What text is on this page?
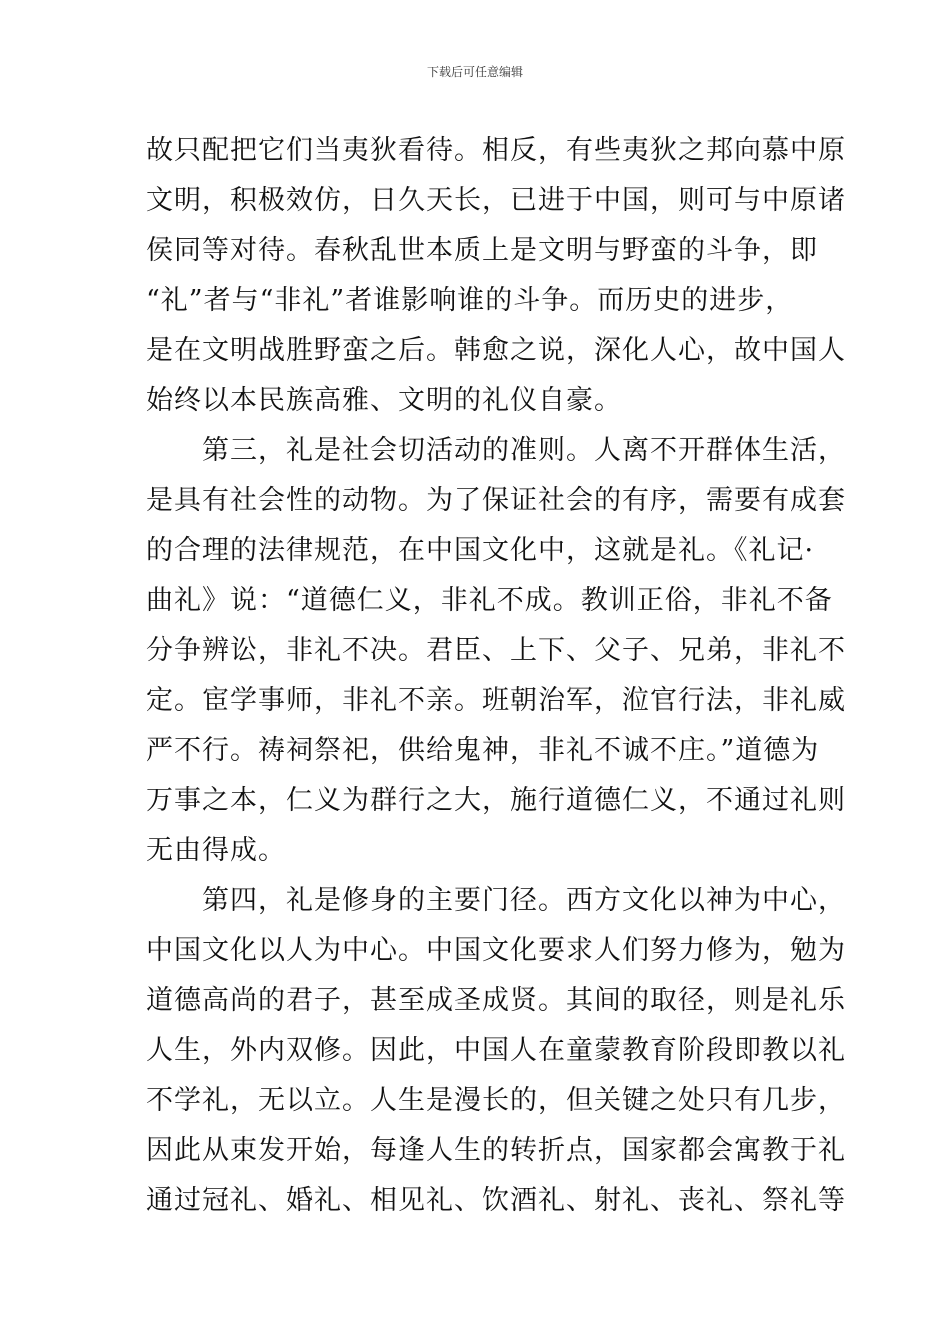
下载后可任意编辑
故只配把它们当夷狄看待。相反，有些夷狄之邦向慕中原
文明，积极效仿，日久天长，已进于中国，则可与中原诸
侯同等对待。春秋乱世本质上是文明与野蛮的斗争，即
“礼”者与“非礼”者谁影响谁的斗争。而历史的进步，
是在文明战胜野蛮之后。韩愈之说，深化人心，故中国人
始终以本民族高雅、文明的礼仪自豪。
第三，礼是社会切活动的准则。人离不开群体生活，
是具有社会性的动物。为了保证社会的有序，需要有成套
的合理的法律规范，在中国文化中，这就是礼。《礼记·
曲礼》说：“道德仁义，非礼不成。教训正俗，非礼不备
分争辨讼，非礼不决。君臣、上下、父子、兄弟，非礼不
定。宦学事师，非礼不亲。班朝治军，涖官行法，非礼威
严不行。祷祠祭祀，供给鬼神，非礼不诚不庄。”道德为
万事之本，仁义为群行之大，施行道德仁义，不通过礼则
无由得成。
第四，礼是修身的主要门径。西方文化以神为中心，
中国文化以人为中心。中国文化要求人们努力修为，勉为
道德高尚的君子，甚至成圣成贤。其间的取径，则是礼乐
人生，外内双修。因此，中国人在童蒙教育阶段即教以礼
不学礼，无以立。人生是漫长的，但关键之处只有几步，
因此从束发开始，每逢人生的转折点，国家都会寓教于礼
通过冠礼、婚礼、相见礼、饮酒礼、射礼、丧礼、祭礼等
